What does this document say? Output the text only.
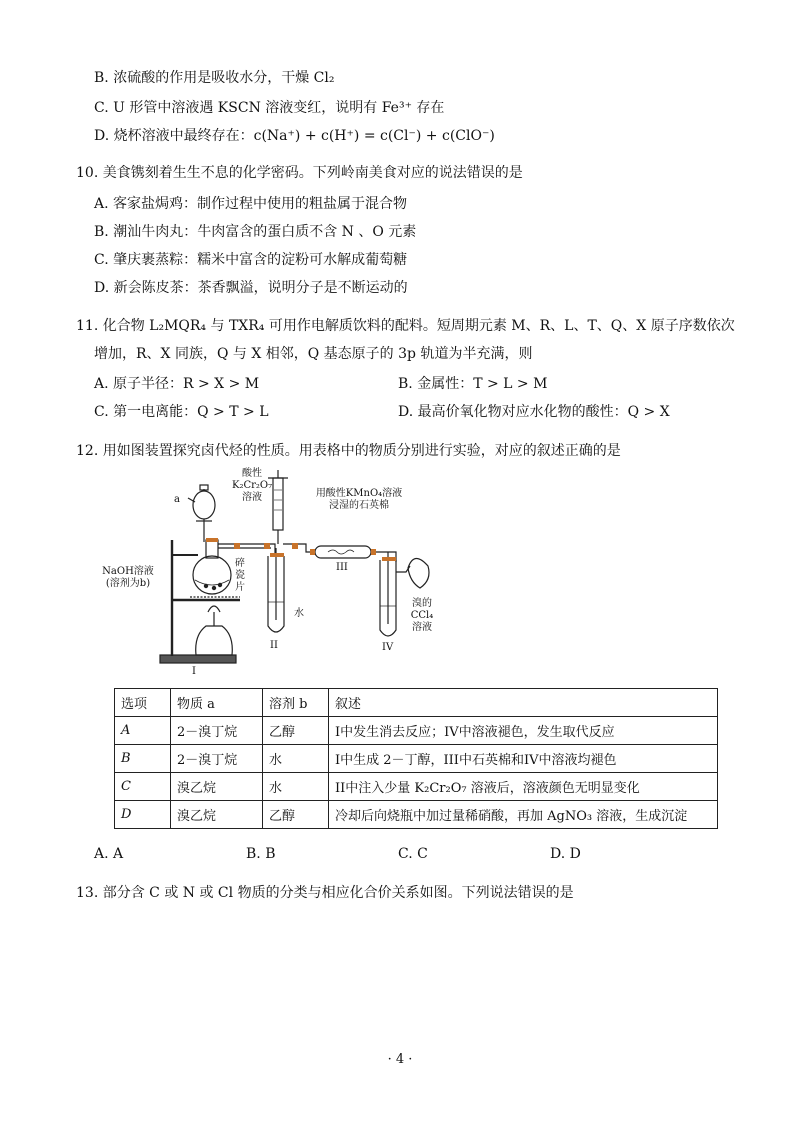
B. 浓硫酸的作用是吸收水分，干燥 Cl₂
C. U 形管中溶液遇 KSCN 溶液变红，说明有 Fe³⁺ 存在
D. 烧杯溶液中最终存在：c(Na⁺) + c(H⁺) = c(Cl⁻) + c(ClO⁻)
10. 美食镌刻着生生不息的化学密码。下列岭南美食对应的说法错误的是
A. 客家盐焗鸡：制作过程中使用的粗盐属于混合物
B. 潮汕牛肉丸：牛肉富含的蛋白质不含 N 、O 元素
C. 肇庆裹蒸粽：糯米中富含的淀粉可水解成葡萄糖
D. 新会陈皮茶：茶香飘溢，说明分子是不断运动的
11. 化合物 L₂MQR₄ 与 TXR₄ 可用作电解质饮料的配料。短周期元素 M、R、L、T、Q、X 原子序数依次
增加，R、X 同族，Q 与 X 相邻，Q 基态原子的 3p 轨道为半充满，则
A. 原子半径：R > X > M	B. 金属性：T > L > M
C. 第一电离能：Q > T > L	D. 最高价氧化物对应水化物的酸性：Q > X
12. 用如图装置探究卤代烃的性质。用表格中的物质分别进行实验，对应的叙述正确的是
a
酸性
K₂Cr₂O₇
溶液	用酸性KMnO₄溶液
浸湿的石英棉
NaOH溶液
(溶剂为b)
碎
瓷
片
水
溴的
CCl₄
溶液
I
II
III
IV
选项	物质 a	溶剂 b	叙述
A	2－溴丁烷	乙醇	I中发生消去反应；IV中溶液褪色，发生取代反应
B	2－溴丁烷	水	I中生成 2－丁醇，III中石英棉和IV中溶液均褪色
C	溴乙烷	水	II中注入少量 K₂Cr₂O₇ 溶液后，溶液颜色无明显变化
D	溴乙烷	乙醇	冷却后向烧瓶中加过量稀硝酸，再加 AgNO₃ 溶液，生成沉淀
A. A	B. B	C. C	D. D
13. 部分含 C 或 N 或 Cl 物质的分类与相应化合价关系如图。下列说法错误的是
· 4 ·
